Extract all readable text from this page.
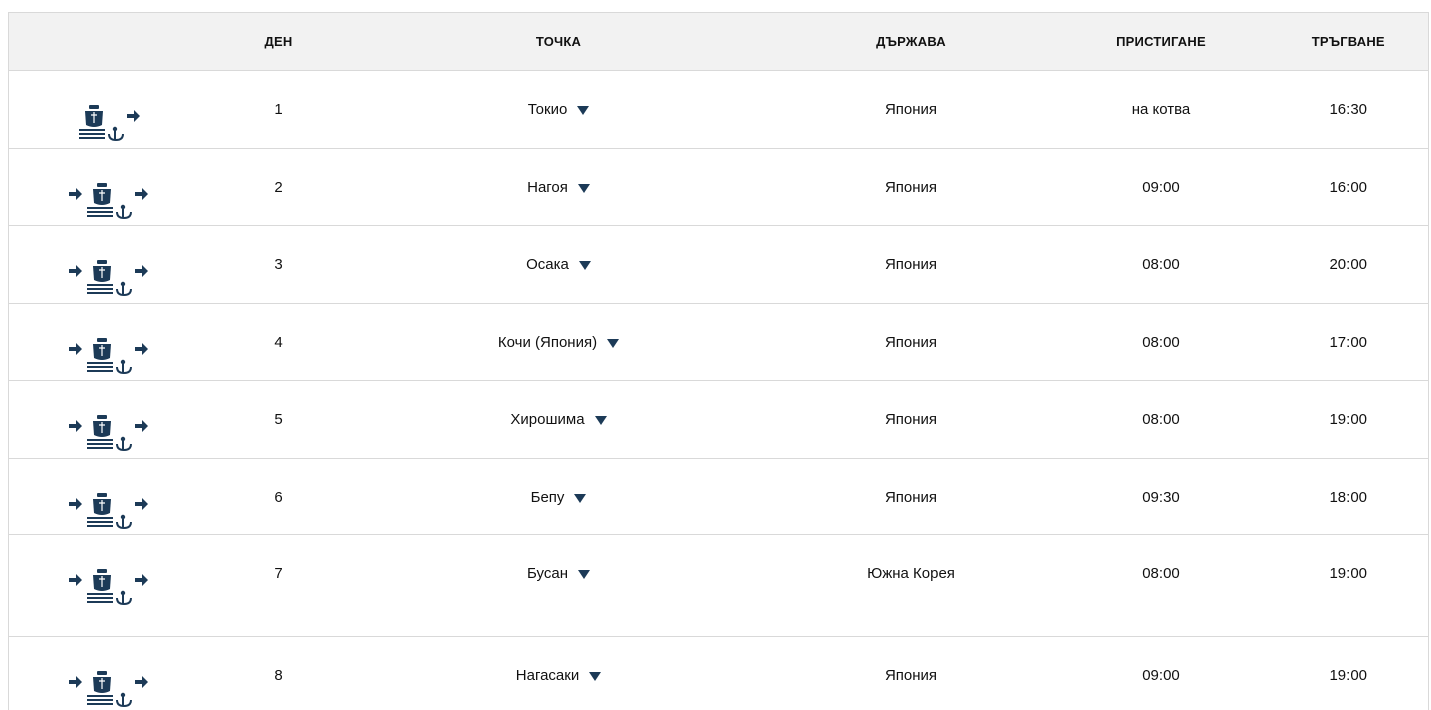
	ДЕН	ТОЧКА	ДЪРЖАВА	ПРИСТИГАНЕ	ТРЪГВАНЕ

	1	Токио	Япония	на котва	16:30

	2	Нагоя	Япония	09:00	16:00

	3	Осака	Япония	08:00	20:00

	4	Кочи (Япония)	Япония	08:00	17:00

	5	Хирошима	Япония	08:00	19:00

	6	Бепу	Япония	09:30	18:00

	7	Бусан	Южна Корея	08:00	19:00

	8	Нагасаки	Япония	09:00	19:00
